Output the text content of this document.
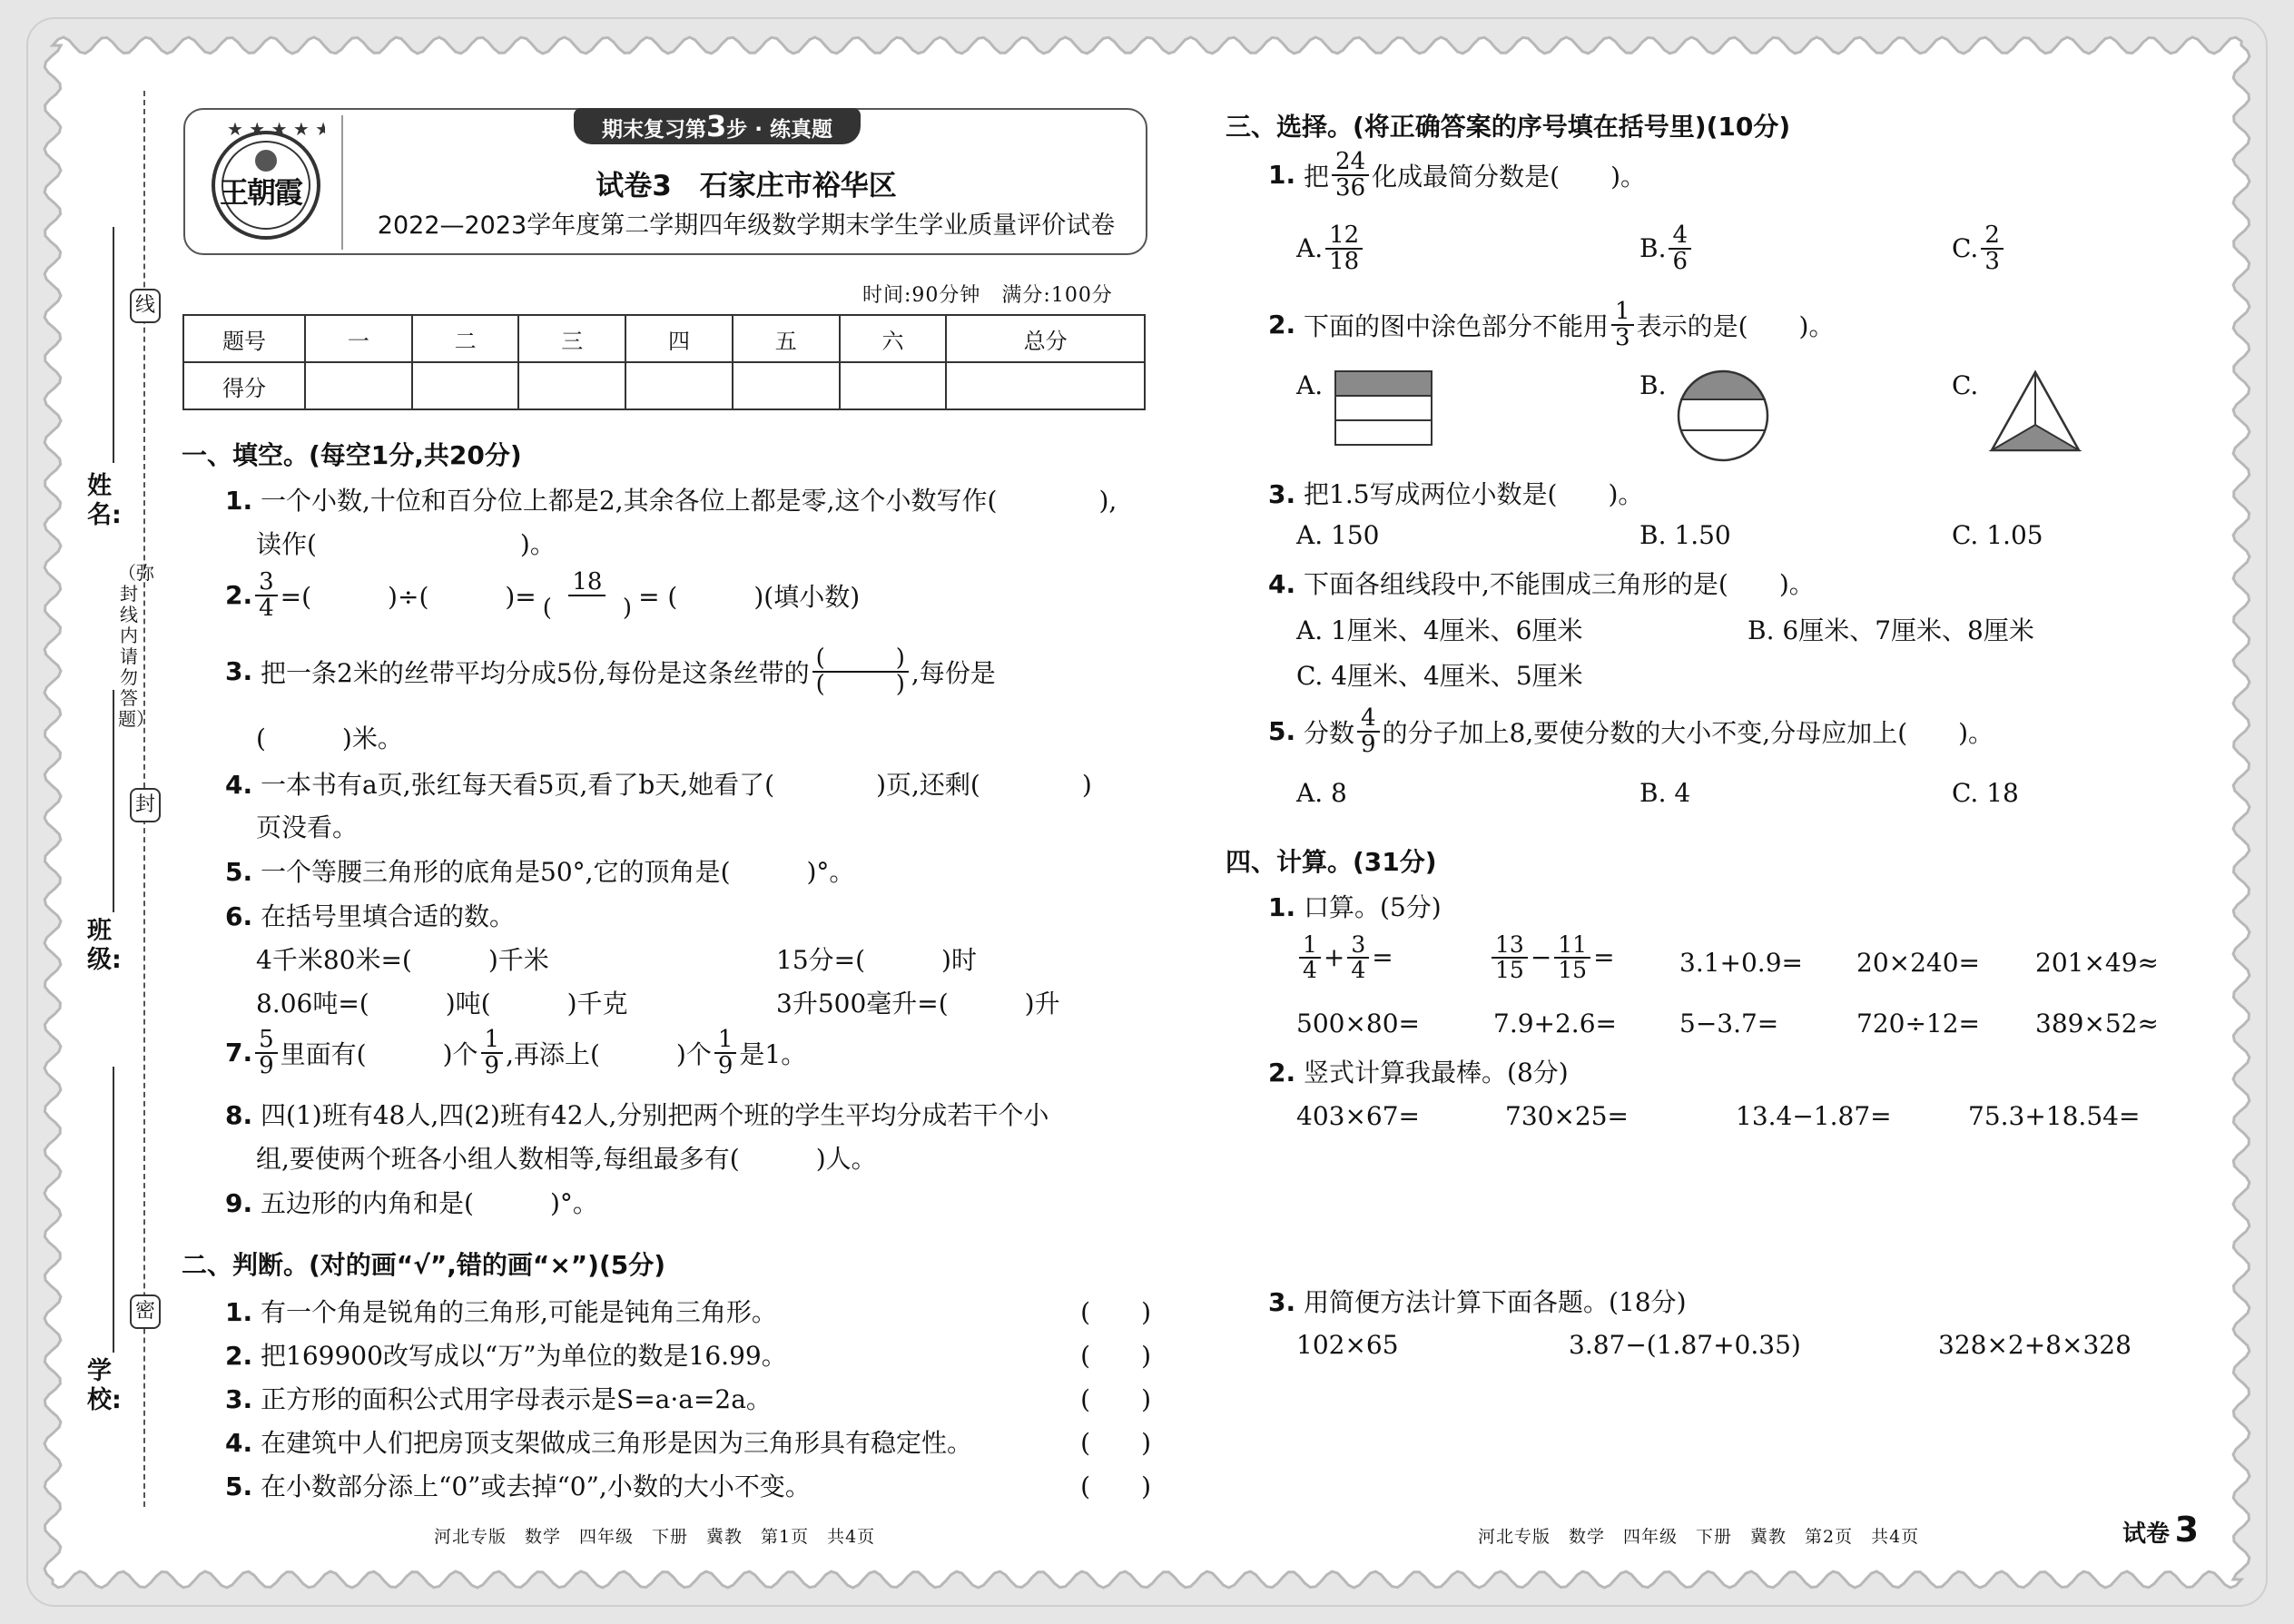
线
封
密
（弥封线内请勿答题）
姓名:
班级:
学校:
★ ★ ★ ★ ★
王朝霞
期末复习第3步 · 练真题
试卷3　石家庄市裕华区
2022—2023学年度第二学期四年级数学期末学生学业质量评价试卷
时间:90分钟　满分:100分
题号	一	二	三	四	五	六	总分
得分							
一、填空。(每空1分,共20分)
1. 一个小数,十位和百分位上都是2,其余各位上都是零,这个小数写作(　　　　),
读作(　　　　　　　　)。
2. $\frac{3}{4}$ =(　　　)÷(　　　)= $\frac{18}{( )}$ = (　　　)(填小数)
3.
把一条2米的丝带平均分成5份,每份是这条丝带的 $\frac{( )}{( )}$ ,每份是
(　　　)米。
4. 一本书有a页,张红每天看5页,看了b天,她看了(　　　　)页,还剩(　　　　)
页没看。
5. 一个等腰三角形的底角是50°,它的顶角是(　　　)°。
6. 在括号里填合适的数。
4千米80米=(　　　)千米	15分=(　　　)时
8.06吨=(　　　)吨(　　　)千克	3升500毫升=(　　　)升
7. $\frac{5}{9}$ 里面有(　　　)个 $\frac{1}{9}$ ,再添上(　　　)个 $\frac{1}{9}$ 是1。
8. 四(1)班有48人,四(2)班有42人,分别把两个班的学生平均分成若干个小
组,要使两个班各小组人数相等,每组最多有(　　　)人。
9. 五边形的内角和是(　　　)°。
二、判断。(对的画“√”,错的画“×”)(5分)
1. 有一个角是锐角的三角形,可能是钝角三角形。	(　　)
2. 把169900改写成以“万”为单位的数是16.99。	(　　)
3. 正方形的面积公式用字母表示是S=a·a=2a。	(　　)
4. 在建筑中人们把房顶支架做成三角形是因为三角形具有稳定性。	(　　)
5. 在小数部分添上“0”或去掉“0”,小数的大小不变。	(　　)
三、选择。(将正确答案的序号填在括号里)(10分)
1.
把 $\frac{24}{36}$ 化成最简分数是(　　)。
A. $\frac{12}{18}$	B. $\frac{4}{6}$	C. $\frac{2}{3}$
2.
下面的图中涂色部分不能用 $\frac{1}{3}$ 表示的是(　　)。
A.	B.	C.
3. 把1.5写成两位小数是(　　)。
A. 150	B. 1.50	C. 1.05
4. 下面各组线段中,不能围成三角形的是(　　)。
A. 1厘米、4厘米、6厘米	B. 6厘米、7厘米、8厘米
C. 4厘米、4厘米、5厘米
5.
分数 $\frac{4}{9}$ 的分子加上8,要使分数的大小不变,分母应加上(　　)。
A. 8	B. 4	C. 18
四、计算。(31分)
1. 口算。(5分)
$\frac{1}{4} + \frac{3}{4}$ =	$\frac{13}{15} - \frac{11}{15}$ =	3.1+0.9= 20×240= 201×49≈
500×80=	7.9+2.6= 5−3.7=	720÷12= 389×52≈
2. 竖式计算我最棒。(8分)
403×67=	730×25=	13.4−1.87=	75.3+18.54=
3. 用简便方法计算下面各题。(18分)
102×65	3.87−(1.87+0.35)	328×2+8×328
河北专版　数学　四年级　下册　冀教　第1页　共4页	河北专版　数学　四年级　下册　冀教　第2页　共4页	试卷 3
